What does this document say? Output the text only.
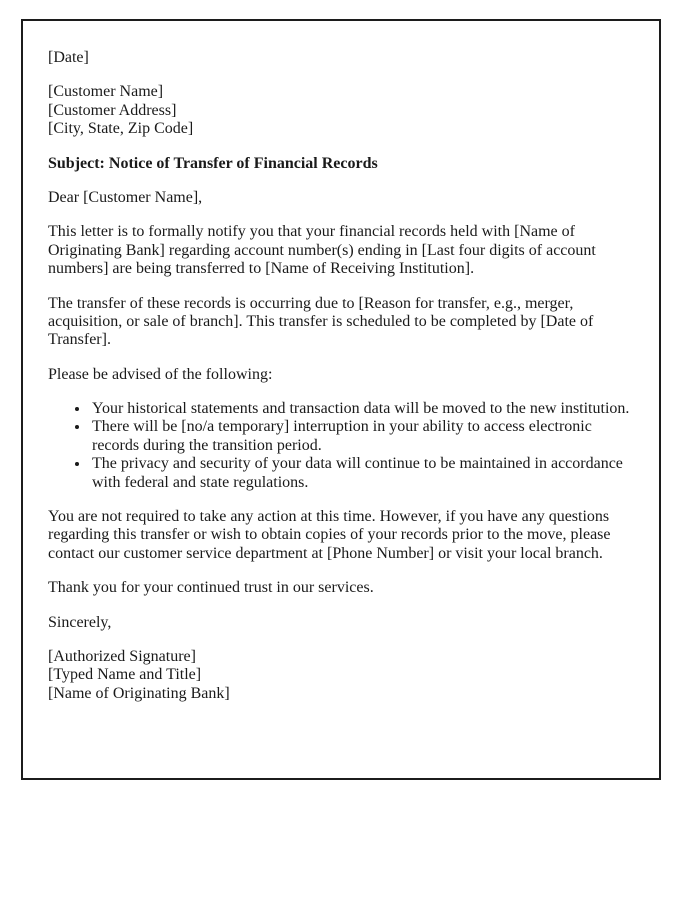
[Date]

[Customer Name]
[Customer Address]
[City, State, Zip Code]

Subject: Notice of Transfer of Financial Records

Dear [Customer Name],

This letter is to formally notify you that your financial records held with [Name of Originating Bank] regarding account number(s) ending in [Last four digits of account numbers] are being transferred to [Name of Receiving Institution].

The transfer of these records is occurring due to [Reason for transfer, e.g., merger, acquisition, or sale of branch]. This transfer is scheduled to be completed by [Date of Transfer].

Please be advised of the following:

• Your historical statements and transaction data will be moved to the new institution.
• There will be [no/a temporary] interruption in your ability to access electronic records during the transition period.
• The privacy and security of your data will continue to be maintained in accordance with federal and state regulations.

You are not required to take any action at this time. However, if you have any questions regarding this transfer or wish to obtain copies of your records prior to the move, please contact our customer service department at [Phone Number] or visit your local branch.

Thank you for your continued trust in our services.

Sincerely,

[Authorized Signature]
[Typed Name and Title]
[Name of Originating Bank]
